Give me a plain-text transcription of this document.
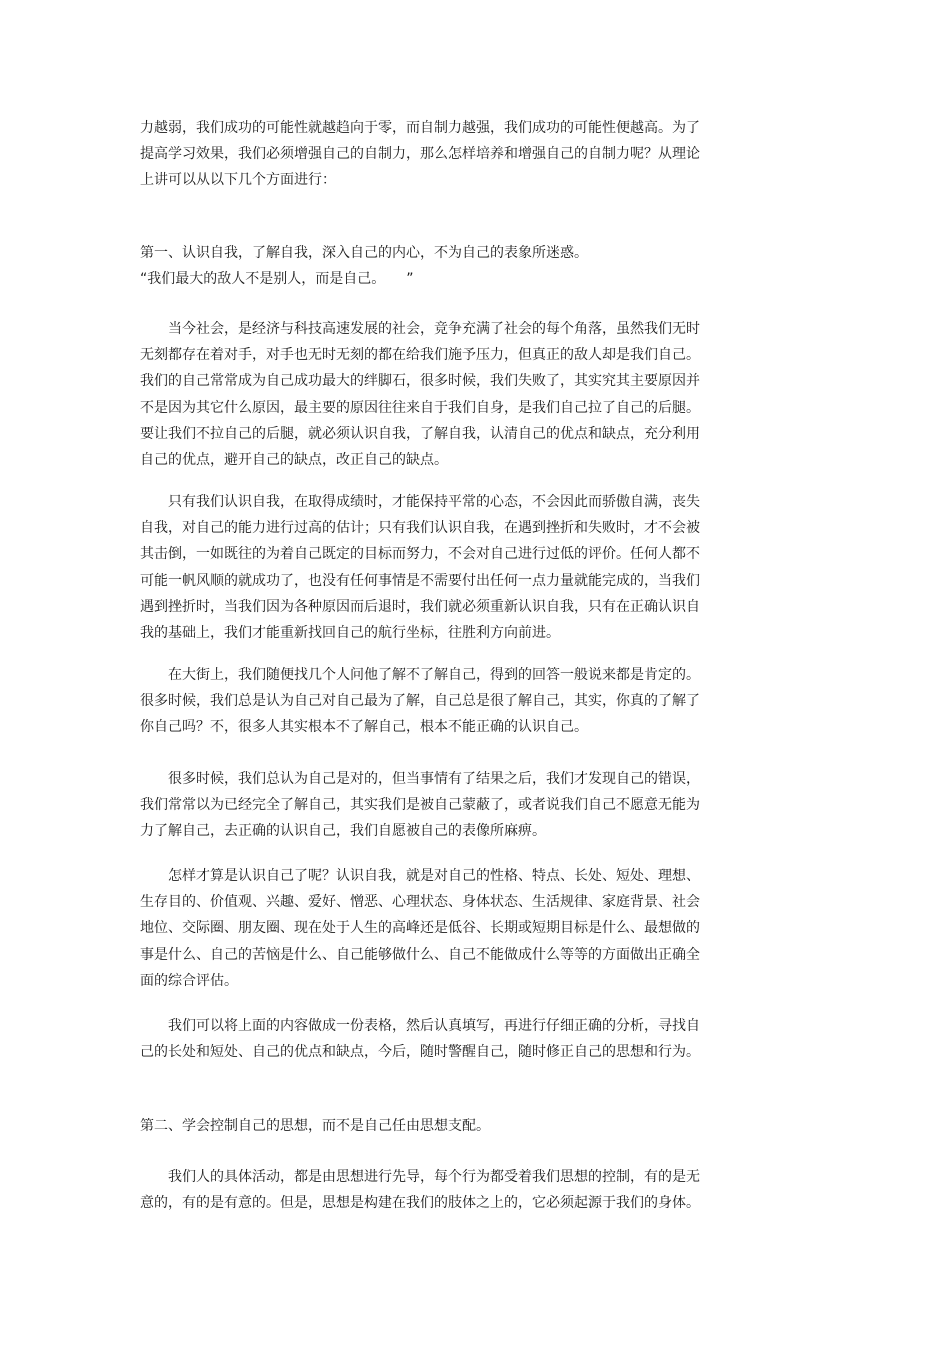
力越弱，我们成功的可能性就越趋向于零，而自制力越强，我们成功的可能性便越高。为了

提高学习效果，我们必须增强自己的自制力，那么怎样培养和增强自己的自制力呢？从理论

上讲可以从以下几个方面进行：

第一、认识自我，了解自我，深入自己的内心，不为自己的表象所迷惑。

“我们最大的敌人不是别人，而是自己。　　”

　　当今社会，是经济与科技高速发展的社会，竞争充满了社会的每个角落，虽然我们无时

无刻都存在着对手，对手也无时无刻的都在给我们施予压力，但真正的敌人却是我们自己。

我们的自己常常成为自己成功最大的绊脚石，很多时候，我们失败了，其实究其主要原因并

不是因为其它什么原因，最主要的原因往往来自于我们自身，是我们自己拉了自己的后腿。

要让我们不拉自己的后腿，就必须认识自我，了解自我，认清自己的优点和缺点，充分利用

自己的优点，避开自己的缺点，改正自己的缺点。

　　只有我们认识自我，在取得成绩时，才能保持平常的心态，不会因此而骄傲自满，丧失

自我，对自己的能力进行过高的估计；只有我们认识自我，在遇到挫折和失败时，才不会被

其击倒，一如既往的为着自己既定的目标而努力，不会对自己进行过低的评价。任何人都不

可能一帆风顺的就成功了，也没有任何事情是不需要付出任何一点力量就能完成的，当我们

遇到挫折时，当我们因为各种原因而后退时，我们就必须重新认识自我，只有在正确认识自

我的基础上，我们才能重新找回自己的航行坐标，往胜利方向前进。

　　在大街上，我们随便找几个人问他了解不了解自己，得到的回答一般说来都是肯定的。

很多时候，我们总是认为自己对自己最为了解，自己总是很了解自己，其实，你真的了解了

你自己吗？不，很多人其实根本不了解自己，根本不能正确的认识自己。

　　很多时候，我们总认为自己是对的，但当事情有了结果之后，我们才发现自己的错误，

我们常常以为已经完全了解自己，其实我们是被自己蒙蔽了，或者说我们自己不愿意无能为

力了解自己，去正确的认识自己，我们自愿被自己的表像所麻痹。

　　怎样才算是认识自己了呢？认识自我，就是对自己的性格、特点、长处、短处、理想、

生存目的、价值观、兴趣、爱好、憎恶、心理状态、身体状态、生活规律、家庭背景、社会

地位、交际圈、朋友圈、现在处于人生的高峰还是低谷、长期或短期目标是什么、最想做的

事是什么、自己的苦恼是什么、自己能够做什么、自己不能做成什么等等的方面做出正确全

面的综合评估。

　　我们可以将上面的内容做成一份表格，然后认真填写，再进行仔细正确的分析，寻找自

己的长处和短处、自己的优点和缺点，今后，随时警醒自己，随时修正自己的思想和行为。

第二、学会控制自己的思想，而不是自己任由思想支配。

　　我们人的具体活动，都是由思想进行先导，每个行为都受着我们思想的控制，有的是无

意的，有的是有意的。但是，思想是构建在我们的肢体之上的，它必须起源于我们的身体。
